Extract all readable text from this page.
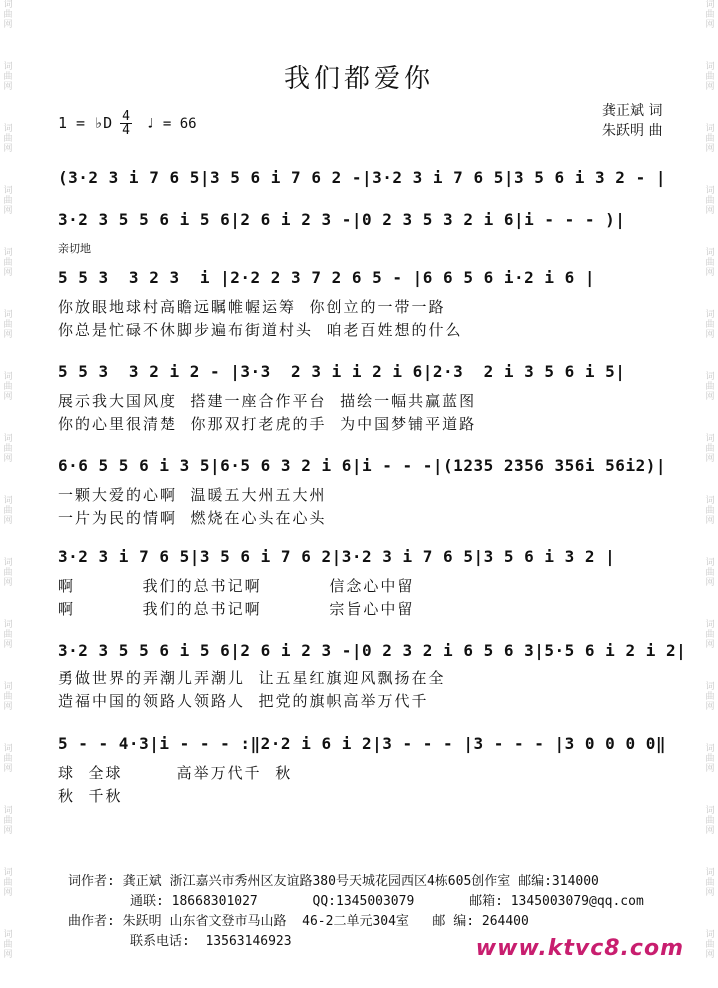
词
曲
网
词
曲
网
词
曲
网
词
曲
网
词
曲
网
词
曲
网
词
曲
网
词
曲
网
词
曲
网
词
曲
网
词
曲
网
词
曲
网
词
曲
网
词
曲
网
词
曲
网
词
曲
网
词
曲
网
词
曲
网
词
曲
网
词
曲
网
词
曲
网
词
曲
网
词
曲
网
词
曲
网
词
曲
网
词
曲
网
词
曲
网
词
曲
网
词
曲
网
词
曲
网
词
曲
网
词
曲
网
我们都爱你
1 = ♭D 4
4 ♩ = 66
龚正斌 词
朱跃明 曲
亲切地
(3·2 3 i 7 6 5|3 5 6 i 7 6 2 -|3·2 3 i 7 6 5|3 5 6 i 3 2 - |
3·2 3 5 5 6 i 5 6|2 6 i 2 3 -|0 2 3 5 3 2 i 6|i - - - )|
5 5 3  3 2 3  i |2·2 2 3 7 2 6 5 - |6 6 5 6 i·2 i 6 |
你放眼地球村高瞻远瞩帷幄运筹  你创立的一带一路
你总是忙碌不休脚步遍布街道村头  咱老百姓想的什么
5 5 3  3 2 i 2 - |3·3  2 3 i i 2 i 6|2·3  2 i 3 5 6 i 5|
展示我大国风度  搭建一座合作平台  描绘一幅共赢蓝图
你的心里很清楚  你那双打老虎的手  为中国梦铺平道路
6·6 5 5 6 i 3 5|6·5 6 3 2 i 6|i - - -|(1235 2356 356i 56i2)|
一颗大爱的心啊  温暖五大州五大州
一片为民的情啊  燃烧在心头在心头
3·2 3 i 7 6 5|3 5 6 i 7 6 2|3·2 3 i 7 6 5|3 5 6 i 3 2 |
啊          我们的总书记啊          信念心中留
啊          我们的总书记啊          宗旨心中留
3·2 3 5 5 6 i 5 6|2 6 i 2 3 -|0 2 3 2 i 6 5 6 3|5·5 6 i 2 i 2|
勇做世界的弄潮儿弄潮儿  让五星红旗迎风飘扬在全
造福中国的领路人领路人  把党的旗帜高举万代千
5 - - 4·3|i - - - :‖2·2 i 6 i 2|3 - - - |3 - - - |3 0 0 0 0‖
球  全球        高举万代千  秋
秋  千秋
词作者: 龚正斌 浙江嘉兴市秀州区友谊路380号天城花园西区4栋605创作室 邮编:314000
通联: 18668301027       QQ:1345003079       邮箱: 1345003079@qq.com
曲作者: 朱跃明 山东省文登市马山路  46-2二单元304室   邮 编: 264400
联系电话:  13563146923	www.ktvc8.com
